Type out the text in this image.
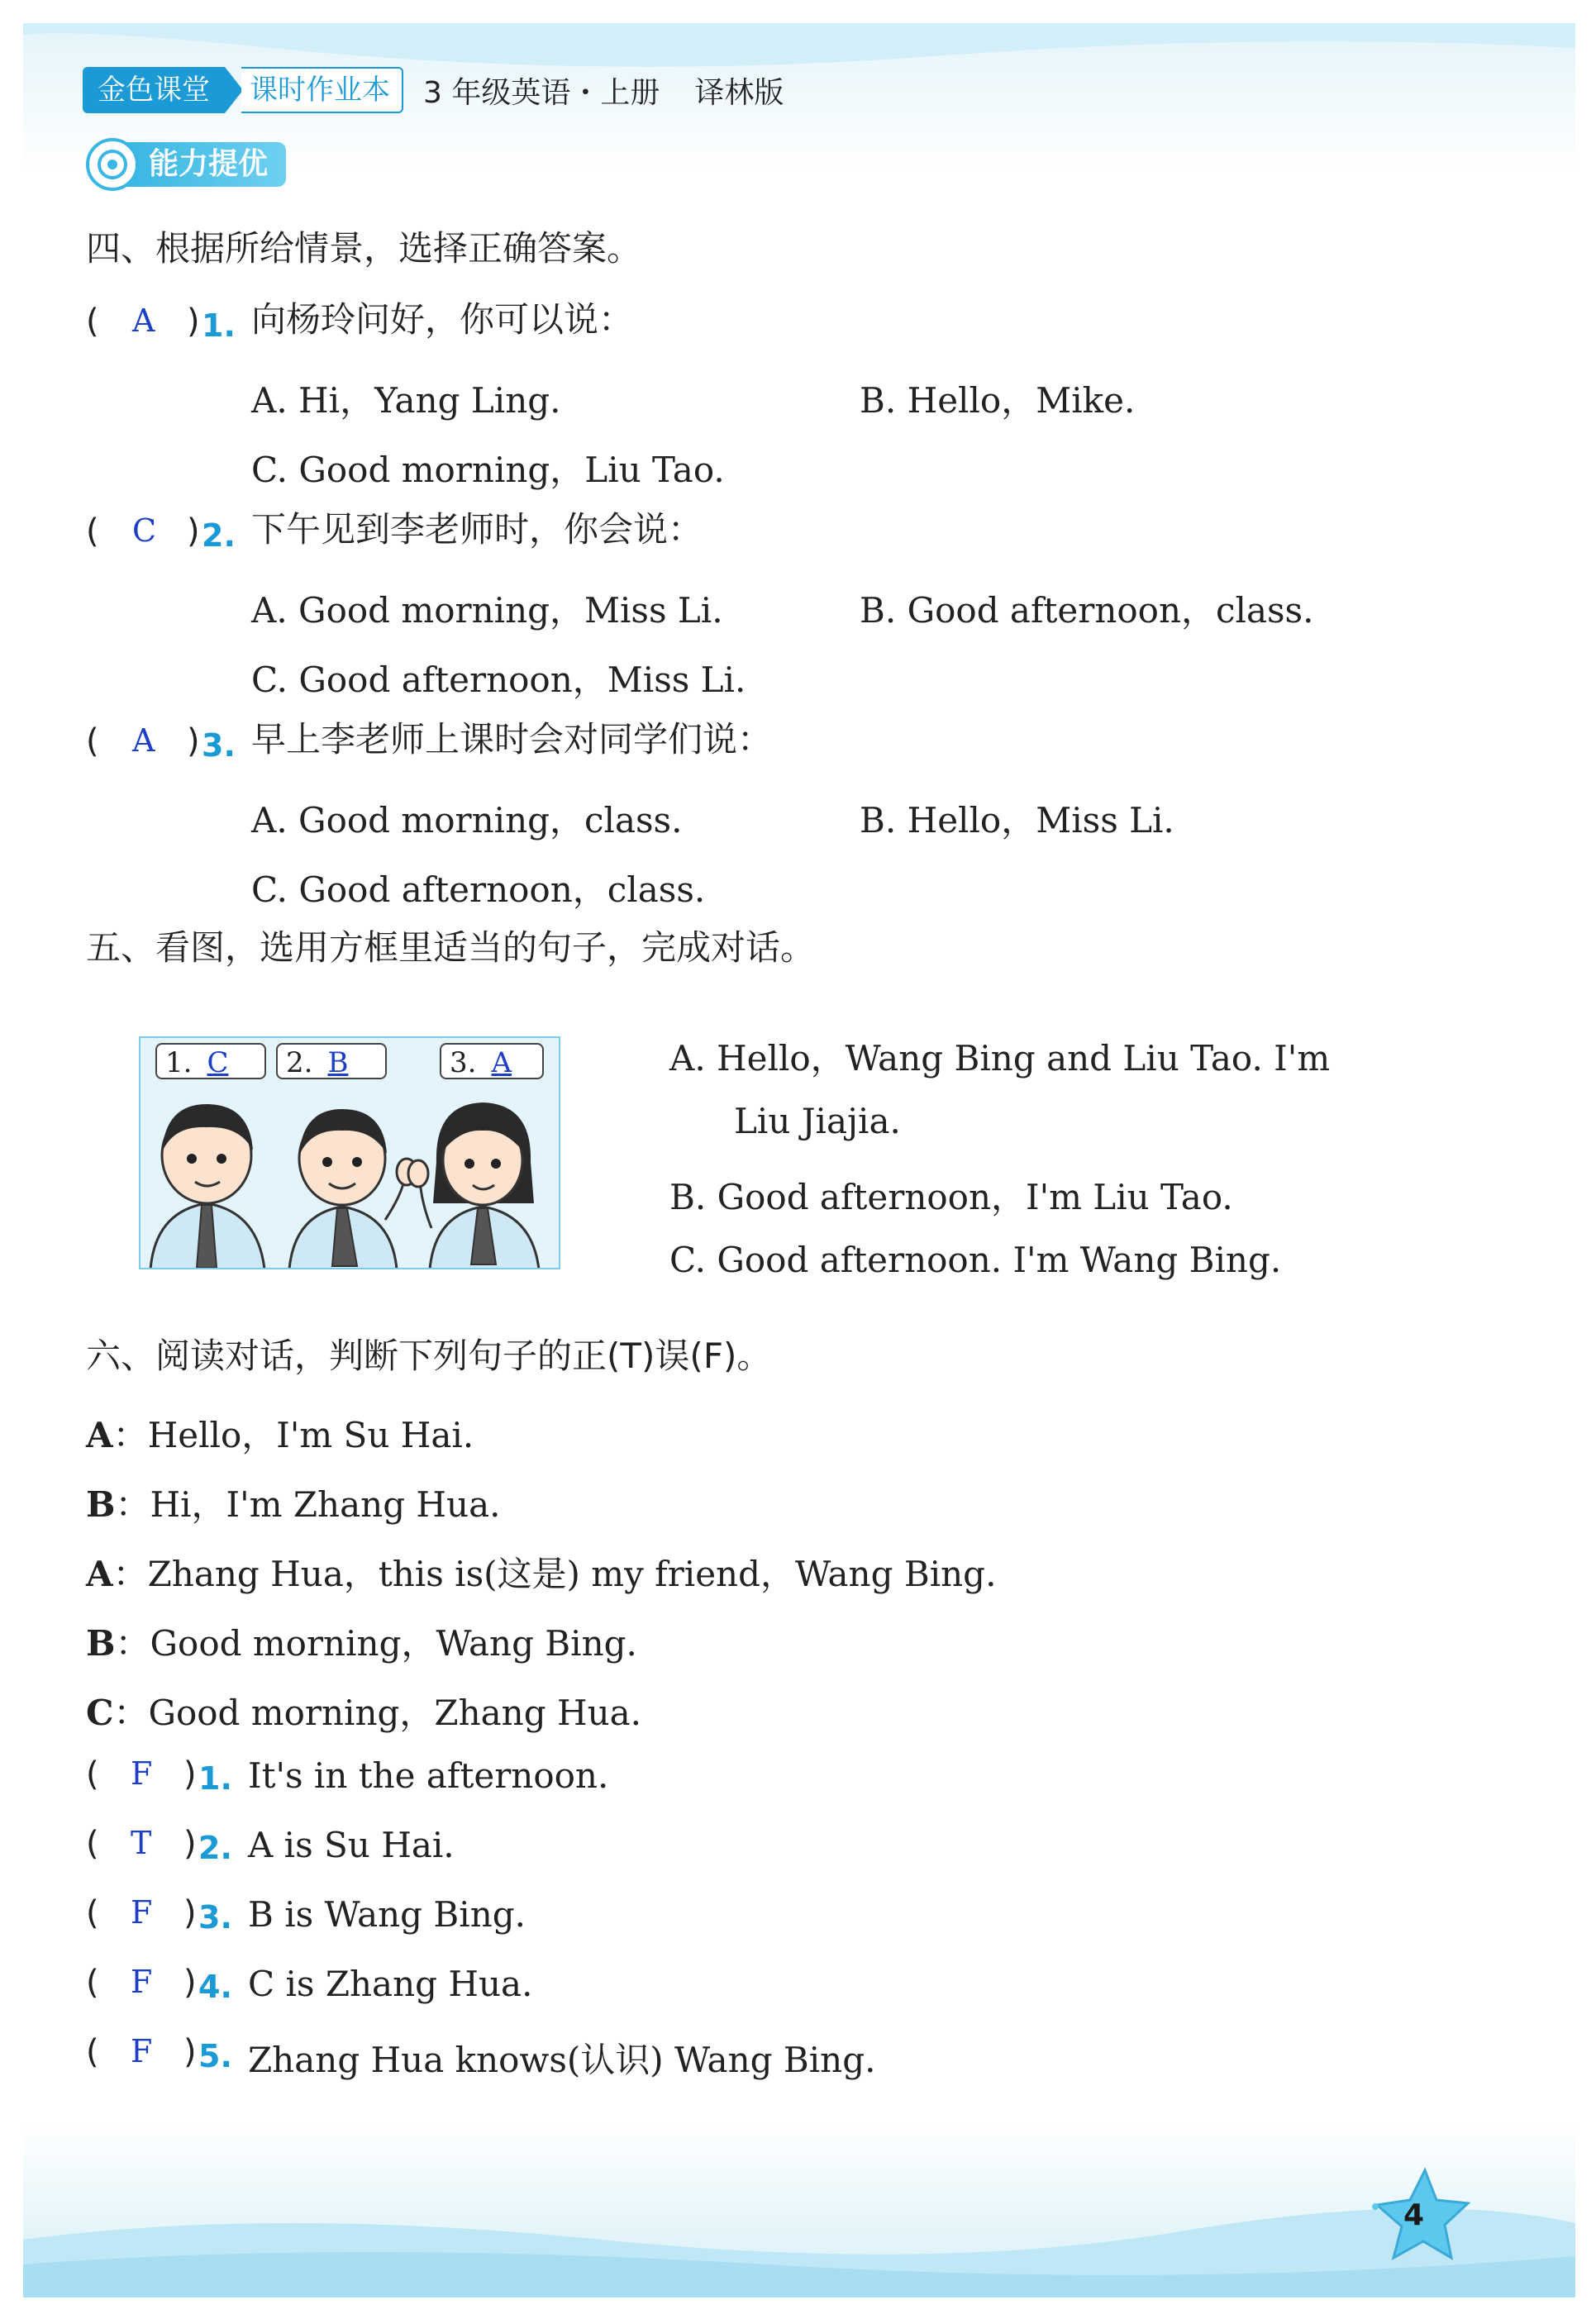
金色课堂	课时作业本	3 年级英语・上册 译林版
能力提优
四、根据所给情景，选择正确答案。
( A ) 1. 向杨玲问好，你可以说：
A. Hi，Yang Ling.	B. Hello，Mike.
C. Good morning，Liu Tao.
( C ) 2. 下午见到李老师时，你会说：
A. Good morning，Miss Li.	B. Good afternoon，class.
C. Good afternoon，Miss Li.
( A ) 3. 早上李老师上课时会对同学们说：
A. Good morning，class.	B. Hello，Miss Li.
C. Good afternoon，class.
五、看图，选用方框里适当的句子，完成对话。
1. C	2. B	3. A	A. Hello，Wang Bing and Liu Tao. I'm
Liu Jiajia.
B. Good afternoon，I'm Liu Tao.
C. Good afternoon. I'm Wang Bing.
六、阅读对话，判断下列句子的正(T)误(F)。
A：Hello，I'm Su Hai.
B：Hi，I'm Zhang Hua.
A：Zhang Hua，this is(这是) my friend，Wang Bing.
B：Good morning，Wang Bing.
C：Good morning，Zhang Hua.
( F ) 1. It's in the afternoon.
( T ) 2. A is Su Hai.
( F ) 3. B is Wang Bing.
( F ) 4. C is Zhang Hua.
( F ) 5. Zhang Hua knows(认识) Wang Bing.
4
